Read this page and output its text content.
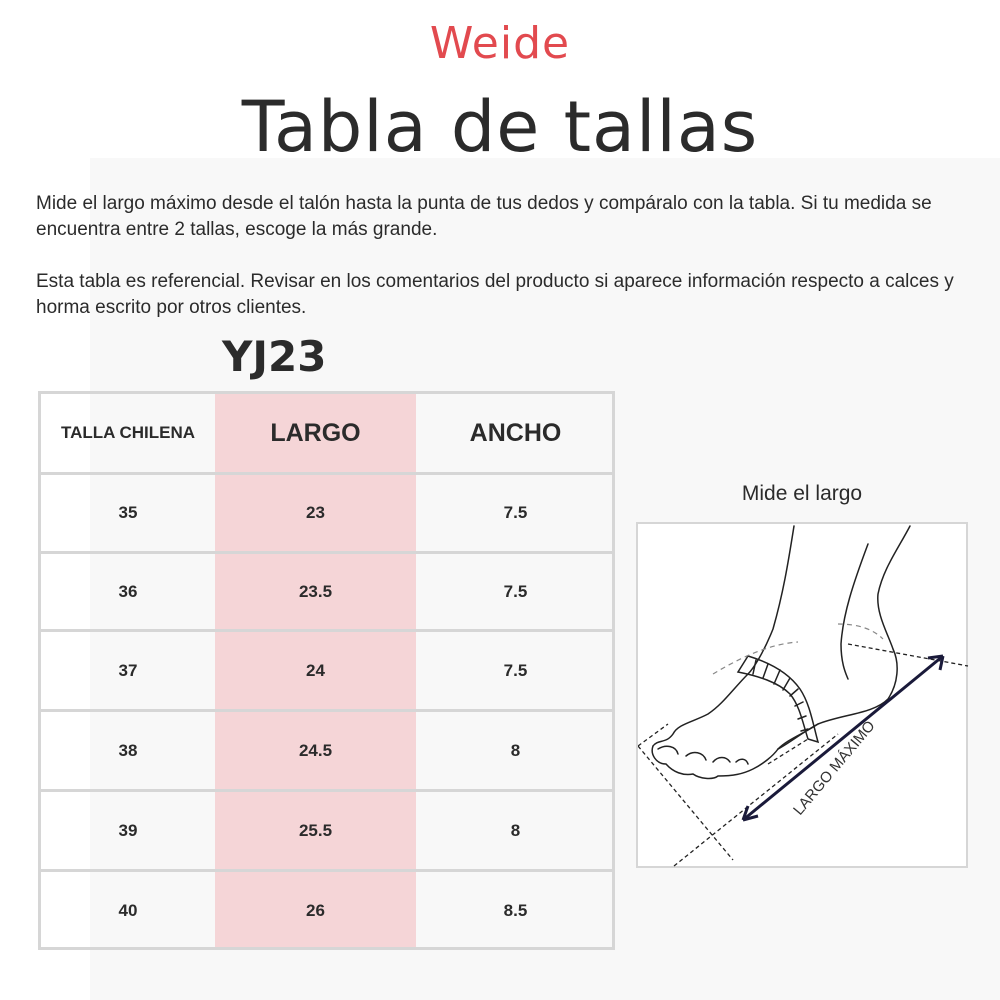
Weide
Tabla de tallas
Mide el largo máximo desde el talón hasta la punta de tus dedos y compáralo con la tabla. Si tu medida se encuentra entre 2 tallas, escoge la más grande.
Esta tabla es referencial. Revisar en los comentarios del producto si aparece información respecto a calces y horma escrito por otros clientes.
YJ23
TALLA CHILENA	LARGO	ANCHO
35	23	7.5
36	23.5	7.5
37	24	7.5
38	24.5	8
39	25.5	8
40	26	8.5
Mide el largo
LARGO MÁXIMO
